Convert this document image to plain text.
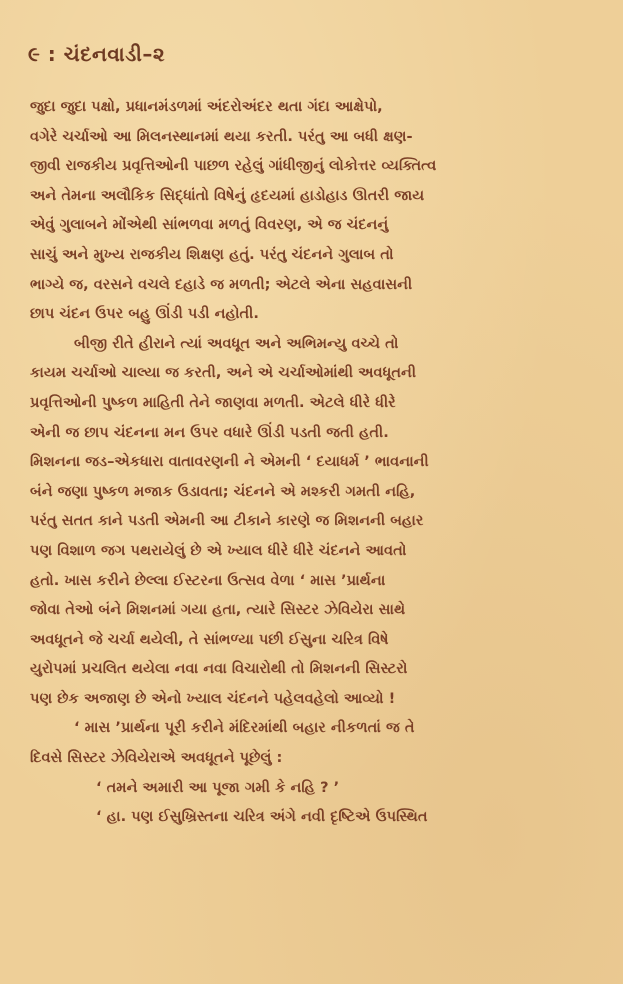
૯ : ચંદનવાડી–૨
જુદા જુદા પક્ષો, પ્રધાનમંડળમાં અંદરોઅંદર થતા ગંદા આક્ષેપો,
વગેરે ચર્ચાઓ આ મિલનસ્થાનમાં થયા કરતી. પરંતુ આ બધી ક્ષણ-
જીવી રાજકીય પ્રવૃત્તિઓની પાછળ રહેલું ગાંધીજીનું લોકોત્તર વ્યક્તિત્વ
અને તેમના અલૌકિક સિદ્ધાંતો વિષેનું હૃદયમાં હાડોહાડ ઊતરી જાય
એવું ગુલાબને મોંએથી સાંભળવા મળતું વિવરણ, એ જ ચંદનનું
સાચું અને મુખ્ય રાજકીય શિક્ષણ હતું. પરંતુ ચંદનને ગુલાબ તો
ભાગ્યે જ, વરસને વચલે દહાડે જ મળતી; એટલે એના સહવાસની
છાપ ચંદન ઉપર બહુ ઊંડી પડી નહોતી.
બીજી રીતે હીરાને ત્યાં અવધૂત અને અભિમન્યુ વચ્ચે તો
કાયમ ચર્ચાઓ ચાલ્યા જ કરતી, અને એ ચર્ચાઓમાંથી અવધૂતની
પ્રવૃત્તિઓની પુષ્કળ માહિતી તેને જાણવા મળતી. એટલે ધીરે ધીરે
એની જ છાપ ચંદનના મન ઉપર વધારે ઊંડી પડતી જતી હતી.
મિશનના જડ–એકધારા વાતાવરણની ને એમની ‘ દયાધર્મ ’ ભાવનાની
બંને જણા પુષ્કળ મજાક ઉડાવતા; ચંદનને એ મશ્કરી ગમતી નહિ,
પરંતુ સતત કાને પડતી એમની આ ટીકાને કારણે જ મિશનની બહાર
પણ વિશાળ જગ પથરાયેલું છે એ ખ્યાલ ધીરે ધીરે ચંદનને આવતો
હતો. ખાસ કરીને છેલ્લા ઈસ્ટરના ઉત્સવ વેળા ‘ માસ ’પ્રાર્થના
જોવા તેઓ બંને મિશનમાં ગયા હતા, ત્યારે સિસ્ટર ઝેવિયેરા સાથે
અવધૂતને જે ચર્ચા થયેલી, તે સાંભળ્યા પછી ઈસુના ચરિત્ર વિષે
યુરોપમાં પ્રચલિત થયેલા નવા નવા વિચારોથી તો મિશનની સિસ્ટરો
પણ છેક અજાણ છે એનો ખ્યાલ ચંદનને પહેલવહેલો આવ્યો !
‘ માસ ’પ્રાર્થના પૂરી કરીને મંદિરમાંથી બહાર નીકળતાં જ તે
દિવસે સિસ્ટર ઝેવિયેરાએ અવધૂતને પૂછેલું :
‘ તમને અમારી આ પૂજા ગમી કે નહિ ? ’
‘ હા. પણ ઈસુખ્રિસ્તના ચરિત્ર અંગે નવી દૃષ્ટિએ ઉપસ્થિત
